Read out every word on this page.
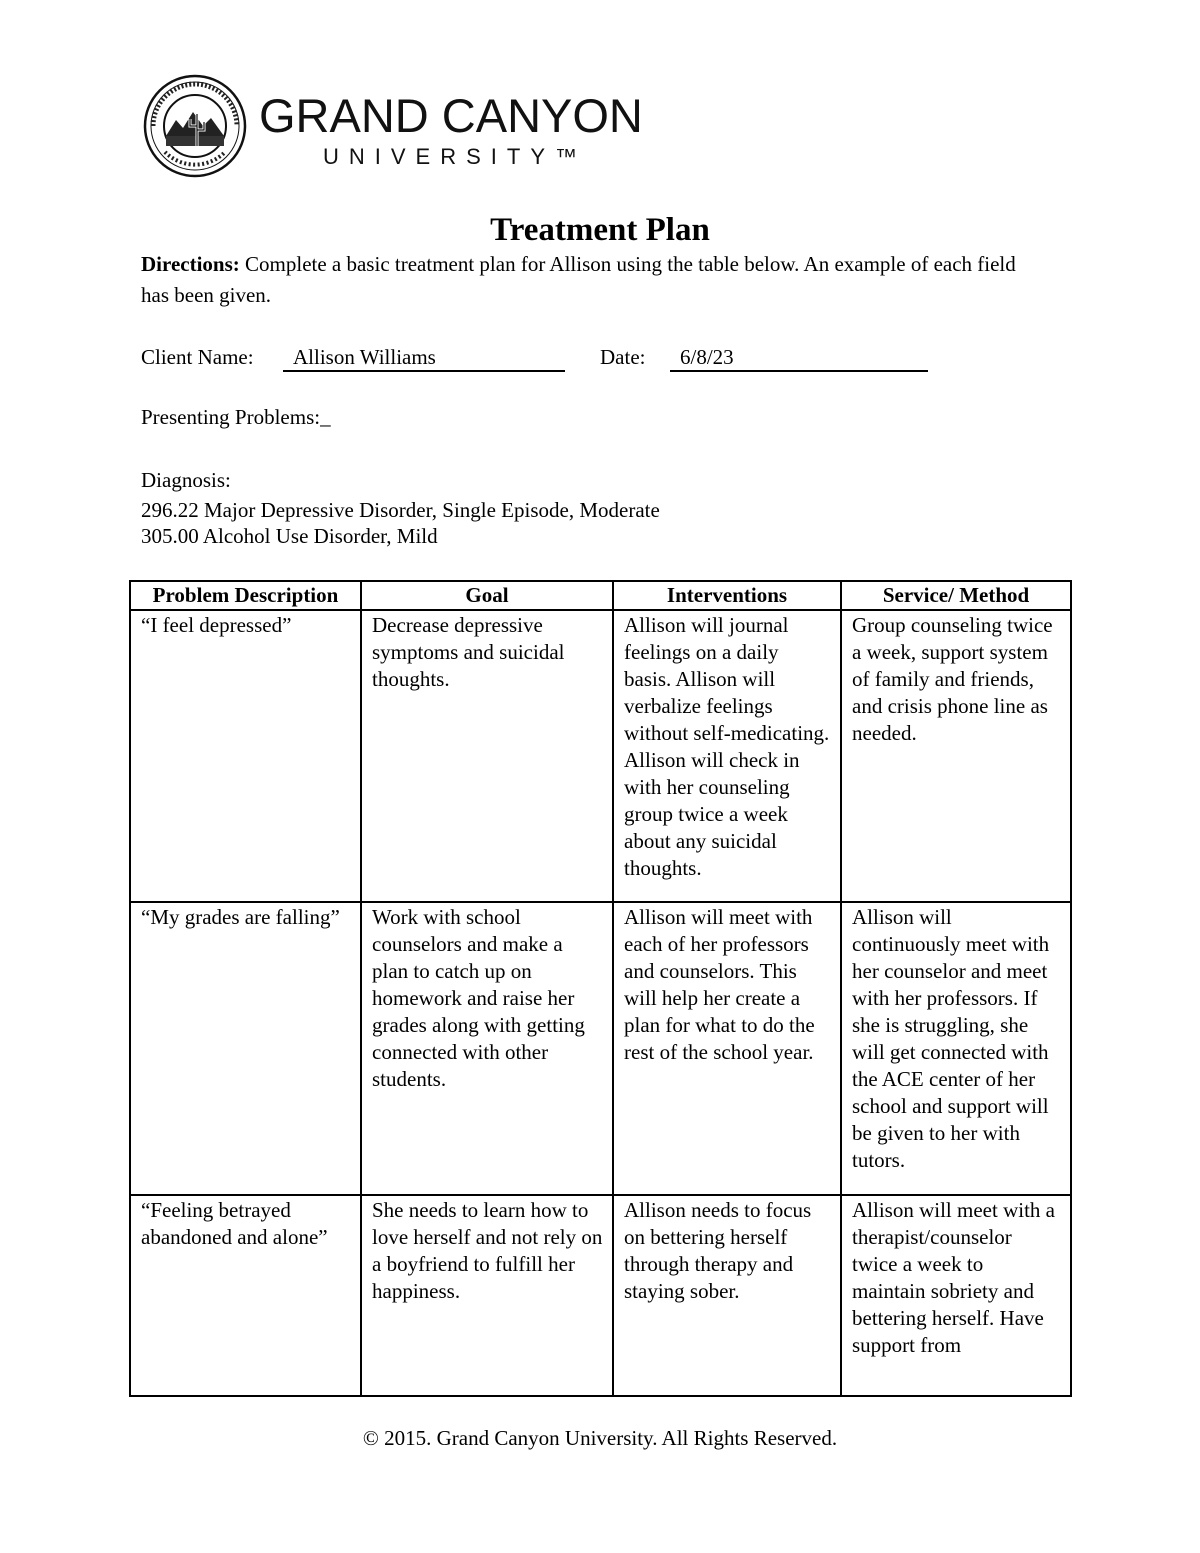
GRAND CANYON
UNIVERSITY™
Treatment Plan
Directions: Complete a basic treatment plan for Allison using the table below. An example of each field has been given.
Client Name:	Allison Williams	Date:	6/8/23
Presenting Problems:_
Diagnosis:
296.22 Major Depressive Disorder, Single Episode, Moderate
305.00 Alcohol Use Disorder, Mild
Problem Description	Goal	Interventions	Service/ Method
“I feel depressed”	Decrease depressive symptoms and suicidal thoughts.	Allison will journal feelings on a daily basis. Allison will verbalize feelings without self-medicating. Allison will check in with her counseling group twice a week about any suicidal thoughts.	Group counseling twice a week, support system of family and friends, and crisis phone line as needed.
“My grades are falling”	Work with school counselors and make a plan to catch up on homework and raise her grades along with getting connected with other students.	Allison will meet with each of her professors and counselors. This will help her create a plan for what to do the rest of the school year.	Allison will continuously meet with her counselor and meet with her professors. If she is struggling, she will get connected with the ACE center of her school and support will be given to her with tutors.
“Feeling betrayed abandoned and alone”	She needs to learn how to love herself and not rely on a boyfriend to fulfill her happiness.	Allison needs to focus on bettering herself through therapy and staying sober.	Allison will meet with a therapist/counselor twice a week to maintain sobriety and bettering herself. Have support from
© 2015. Grand Canyon University. All Rights Reserved.
